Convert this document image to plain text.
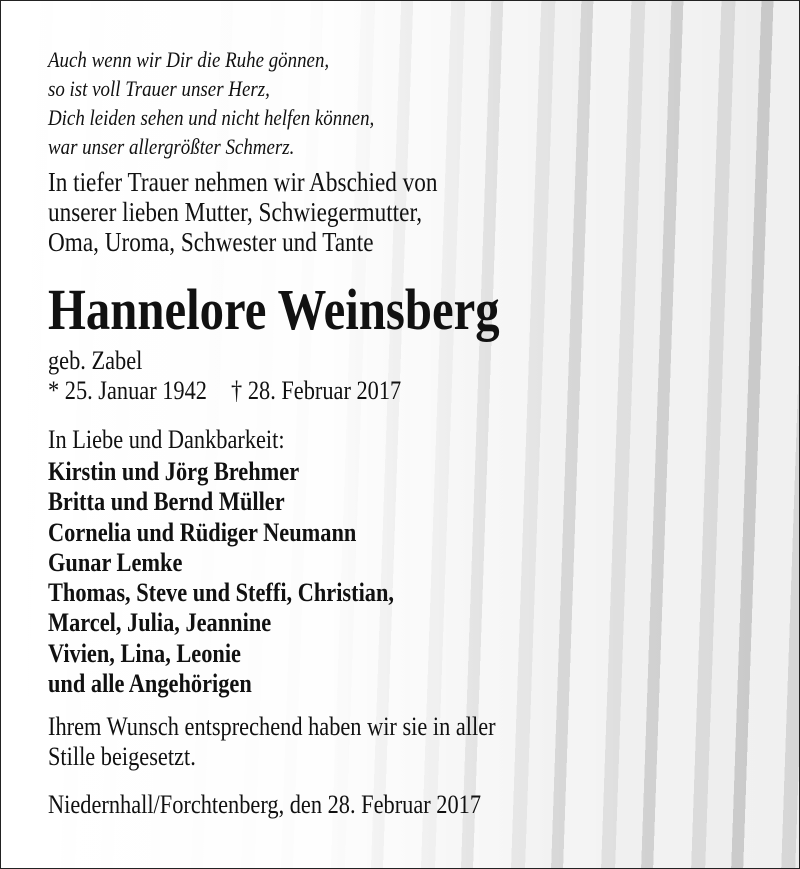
Auch wenn wir Dir die Ruhe gönnen,
so ist voll Trauer unser Herz,
Dich leiden sehen und nicht helfen können,
war unser allergrößter Schmerz.
In tiefer Trauer nehmen wir Abschied von
unserer lieben Mutter, Schwiegermutter,
Oma, Uroma, Schwester und Tante
Hannelore Weinsberg
geb. Zabel
* 25. Januar 1942 † 28. Februar 2017
In Liebe und Dankbarkeit:
Kirstin und Jörg Brehmer
Britta und Bernd Müller
Cornelia und Rüdiger Neumann
Gunar Lemke
Thomas, Steve und Steffi, Christian,
Marcel, Julia, Jeannine
Vivien, Lina, Leonie
und alle Angehörigen
Ihrem Wunsch entsprechend haben wir sie in aller
Stille beigesetzt.
Niedernhall/Forchtenberg, den 28. Februar 2017
